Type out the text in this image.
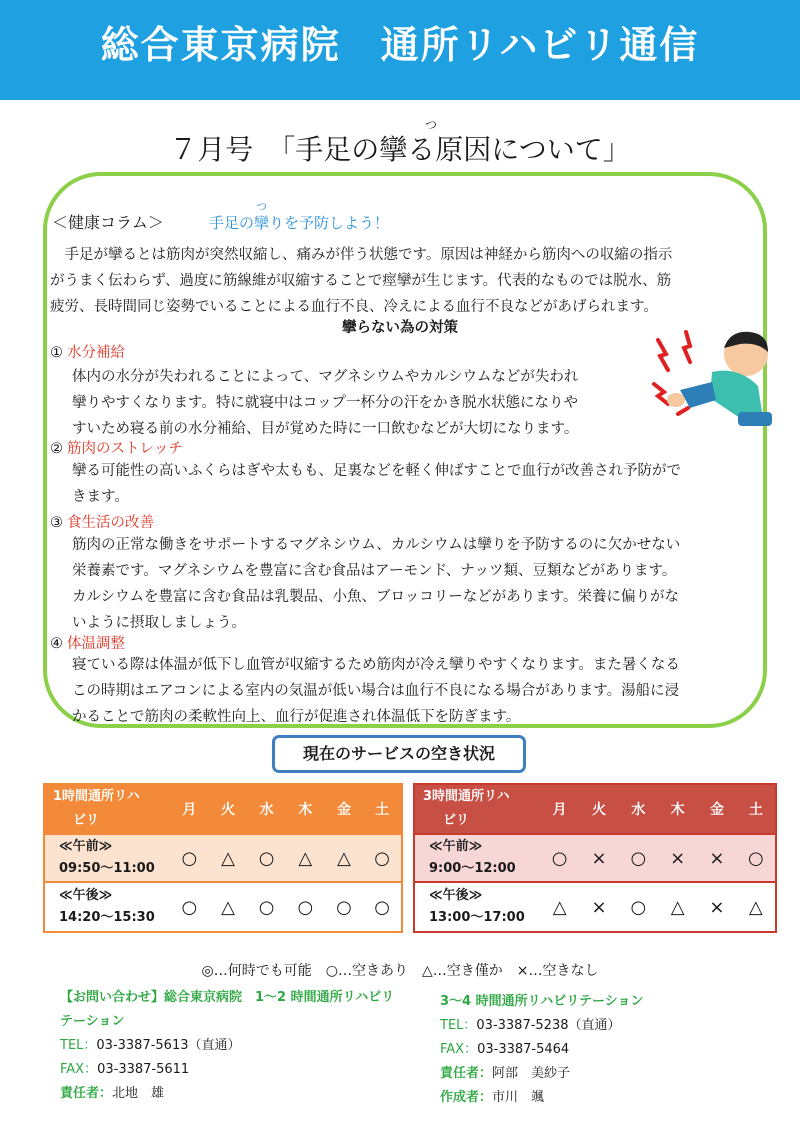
総合東京病院　通所リハビリ通信
つ
７月号　「手足の攣る原因について」
＜健康コラム＞
つ
手足の攣りを予防しよう！
　手足が攣るとは筋肉が突然収縮し、痛みが伴う状態です。原因は神経から筋肉への収縮の指示
がうまく伝わらず、過度に筋線維が収縮することで痙攣が生じます。代表的なものでは脱水、筋
疲労、長時間同じ姿勢でいることによる血行不良、冷えによる血行不良などがあげられます。
攣らない為の対策
① 水分補給
体内の水分が失われることによって、マグネシウムやカルシウムなどが失われ
攣りやすくなります。特に就寝中はコップ一杯分の汗をかき脱水状態になりや
すいため寝る前の水分補給、目が覚めた時に一口飲むなどが大切になります。
② 筋肉のストレッチ
攣る可能性の高いふくらはぎや太もも、足裏などを軽く伸ばすことで血行が改善され予防がで
きます。
③ 食生活の改善
筋肉の正常な働きをサポートするマグネシウム、カルシウムは攣りを予防するのに欠かせない
栄養素です。マグネシウムを豊富に含む食品はアーモンド、ナッツ類、豆類などがあります。
カルシウムを豊富に含む食品は乳製品、小魚、ブロッコリーなどがあります。栄養に偏りがな
いように摂取しましょう。
④ 体温調整
寝ている際は体温が低下し血管が収縮するため筋肉が冷え攣りやすくなります。また暑くなる
この時期はエアコンによる室内の気温が低い場合は血行不良になる場合があります。湯船に浸
かることで筋肉の柔軟性向上、血行が促進され体温低下を防ぎます。
現在のサービスの空き状況
1時間通所リハ
ビリ	月	火	水	木	金	土

≪午前≫
09:50～11:00	○	△	○	△	△	○

≪午後≫
14:20～15:30	○	△	○	○	○	○
3時間通所リハ
ビリ	月	火	水	木	金	土

≪午前≫
9:00～12:00	○	×	○	×	×	○

≪午後≫
13:00～17:00	△	×	○	△	×	△
◎…何時でも可能　○…空きあり　△…空き僅か　×…空きなし
【お問い合わせ】総合東京病院　1～2 時間通所リハビリ
テーション
TEL：03-3387-5613（直通）
FAX：03-3387-5611
責任者：北地　雄
3～4 時間通所リハビリテーション
TEL：03-3387-5238（直通）
FAX：03-3387-5464
責任者：阿部　美紗子
作成者：市川　颯
